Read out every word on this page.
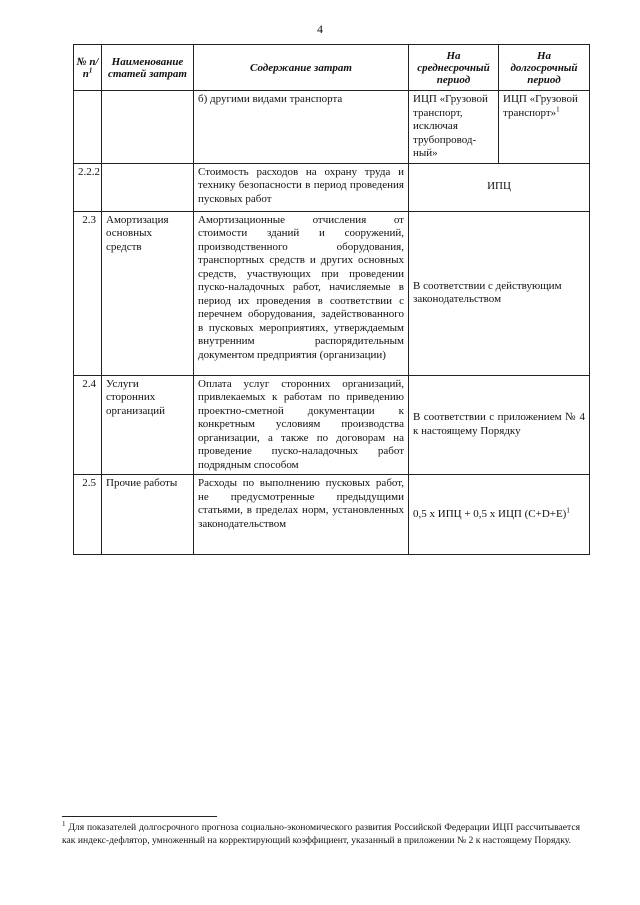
4
№ $п/п^1$	Наименование статей затрат	Содержание затрат	На
среднесрочный
период	На
долгосрочный
период
		б) другими видами транспорта	ИЦП «Грузовой транспорт, исключая трубопровод-ный»	ИЦП «Грузовой транспорт»$^1$
2.2.2		Стоимость расходов на охрану труда и технику безопасности в период проведения пусковых работ	ИПЦ	
2.3	Амортизация основных средств	Амортизационные отчисления от стоимости зданий и сооружений, производственного оборудования, транспортных средств и других основных средств, участвующих при проведении пуско-наладочных работ, начисляемые в период их проведения в соответствии с перечнем оборудования, задействованного в пусковых мероприятиях, утверждаемым внутренним распорядительным документом предприятия (организации)	В соответствии с действующим законодательством	
2.4	Услуги сторонних организаций	Оплата услуг сторонних организаций, привлекаемых к работам по приведению проектно-сметной документации к конкретным условиям производства организации, а также по договорам на проведение пуско-наладочных работ подрядным способом	В соответствии с приложением № 4 к настоящему Порядку	
2.5	Прочие работы	Расходы по выполнению пусковых работ, не предусмотренные предыдущими статьями, в пределах норм, установленных законодательством	0,5 х ИПЦ + 0,5 х ИЦП $(C+D+E)^1$
$^1$ Для показателей долгосрочного прогноза социально-экономического развития Российской Федерации ИЦП рассчитывается как индекс-дефлятор, умноженный на корректирующий коэффициент, указанный в приложении № 2 к настоящему Порядку.
